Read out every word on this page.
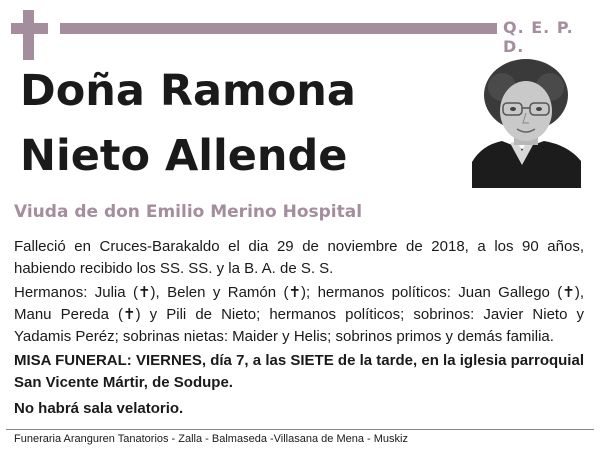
Q. E. P. D.
Doña Ramona
Nieto Allende
Viuda de don Emilio Merino Hospital

Falleció en Cruces-Barakaldo el dia 29 de noviembre de 2018, a los 90 años, habiendo recibido los SS. SS. y la B. A. de S. S.

Hermanos: Julia (✝), Belen y Ramón (✝); hermanos políticos: Juan Gallego (✝), Manu Pereda (✝) y Pili de Nieto; hermanos políticos; sobrinos: Javier Nieto y Yadamis Peréz; sobrinas nietas: Maider y Helis; sobrinos primos y demás familia.

MISA FUNERAL: VIERNES, día 7, a las SIETE de la tarde, en la iglesia parroquial San Vicente Mártir, de Sodupe.

No habrá sala velatorio.

Funeraria Aranguren Tanatorios - Zalla - Balmaseda -Villasana de Mena - Muskiz
